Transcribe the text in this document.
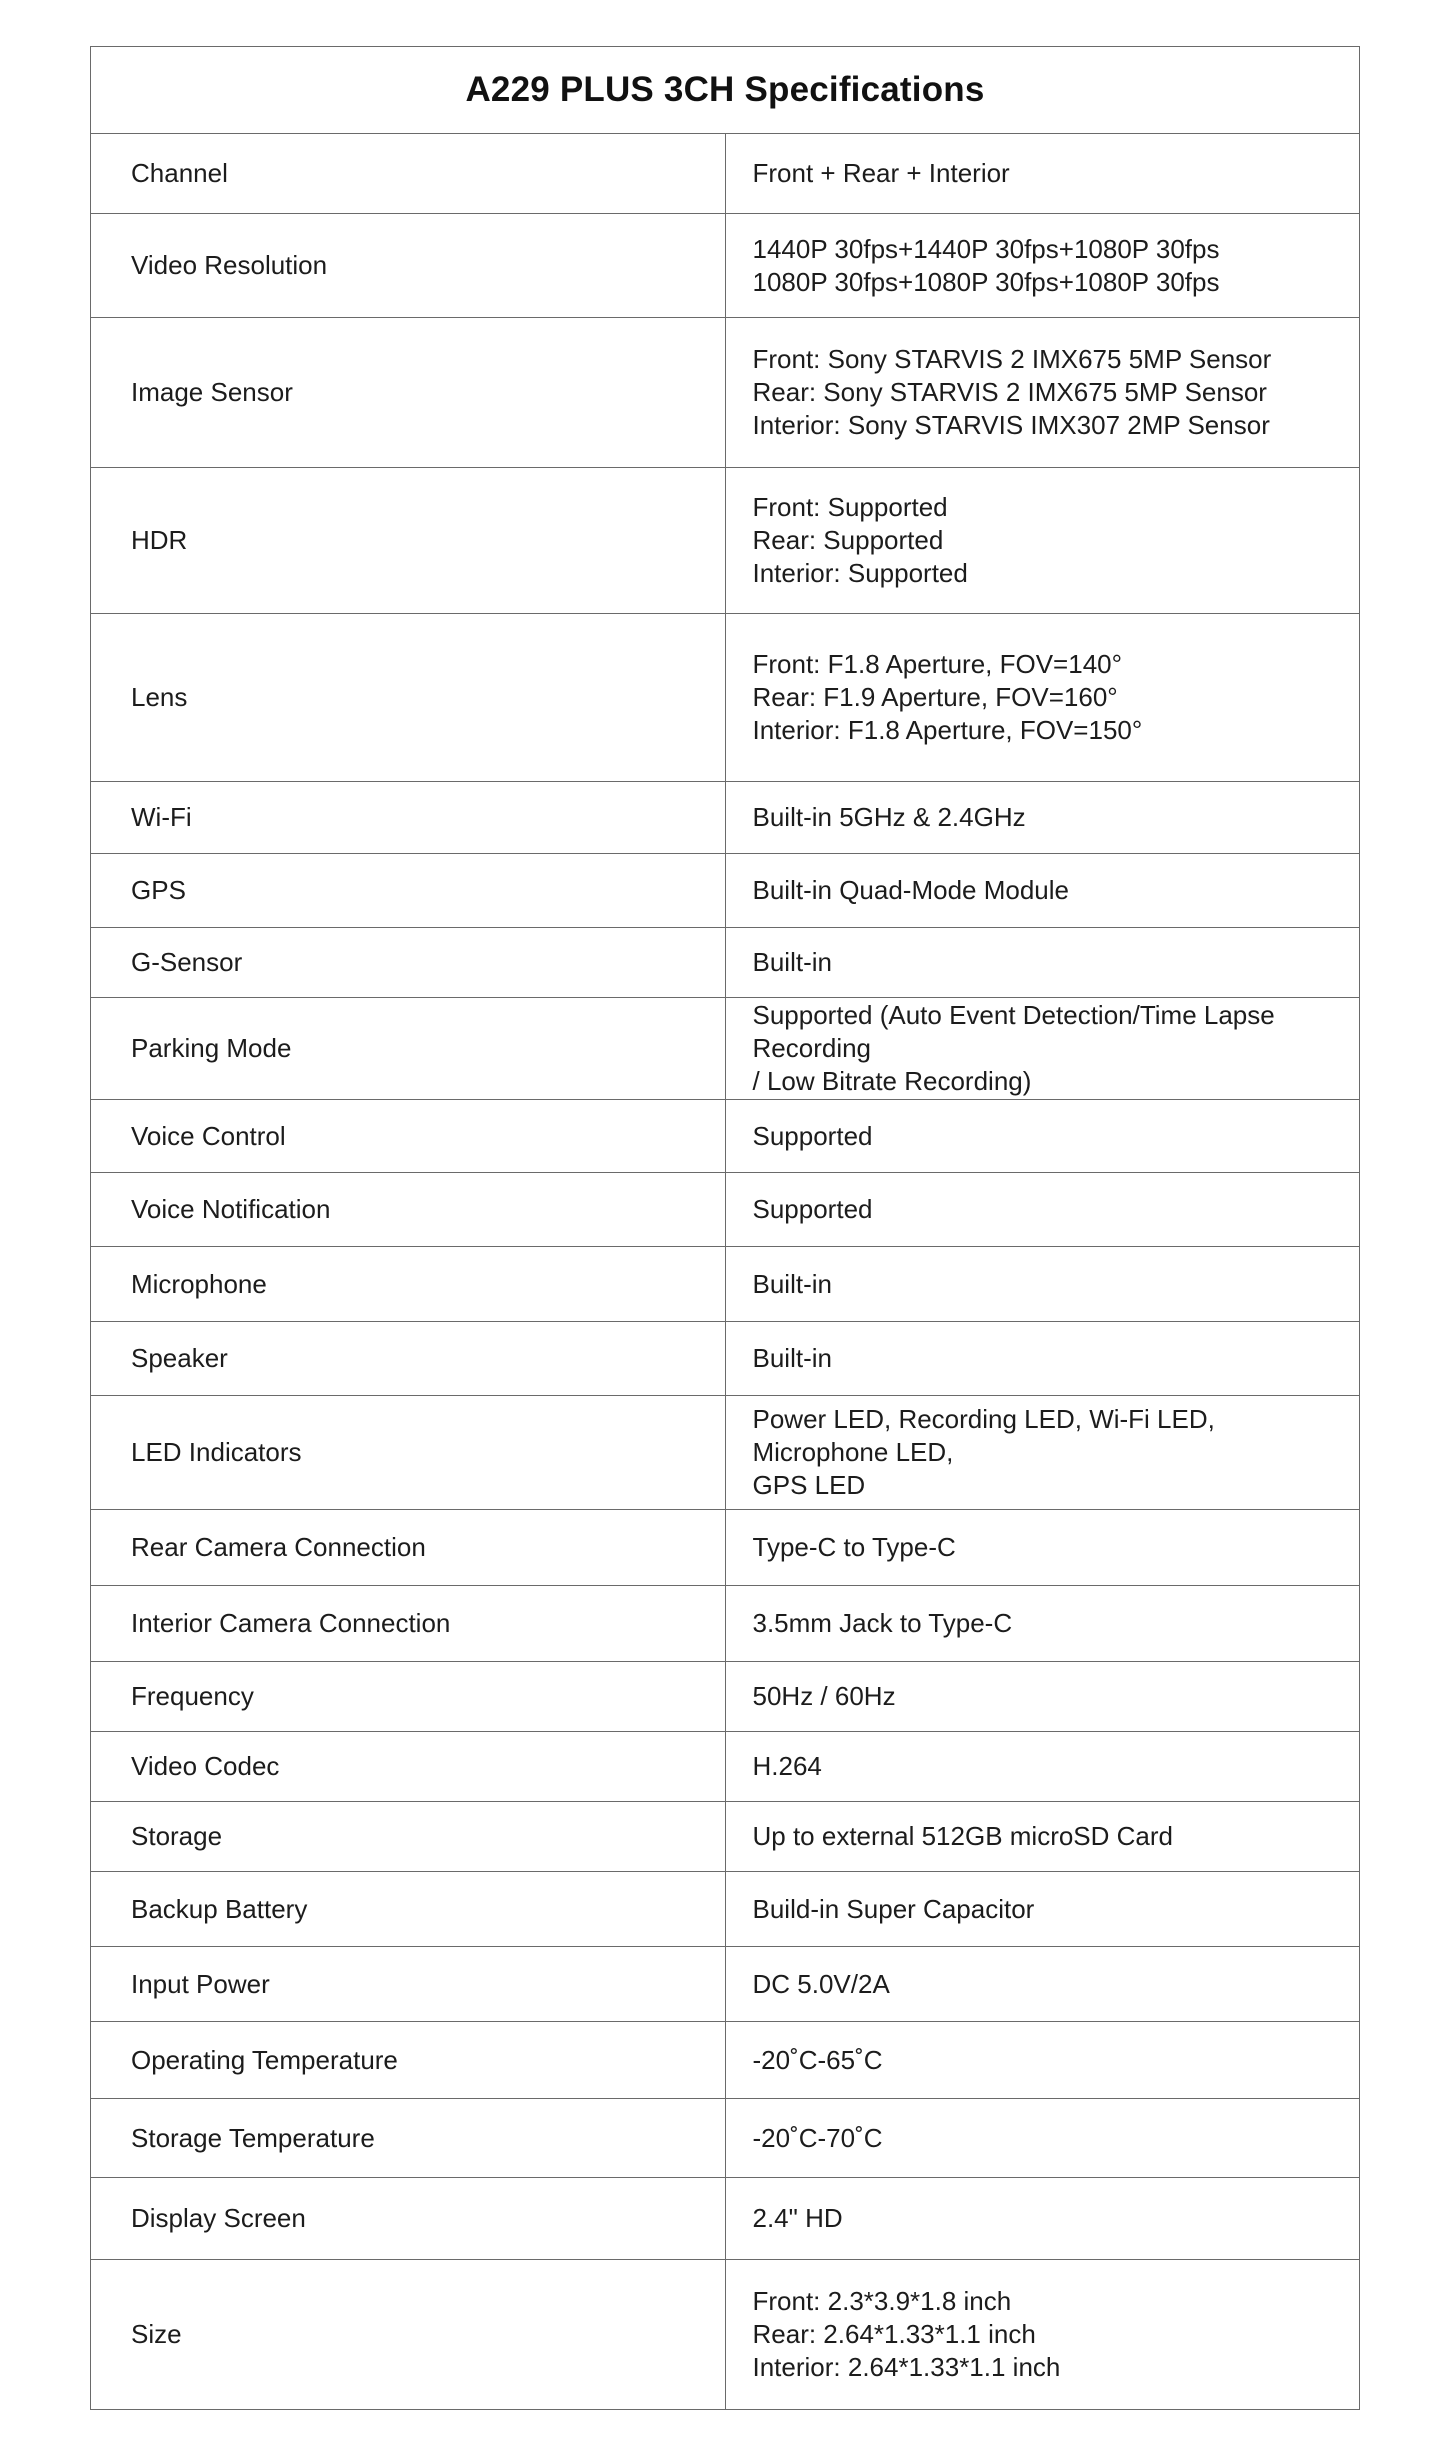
A229 PLUS 3CH Specifications	
Channel	Front + Rear + Interior

Video Resolution	1440P 30fps+1440P 30fps+1080P 30fps
1080P 30fps+1080P 30fps+1080P 30fps

Image Sensor	Front: Sony STARVIS 2 IMX675 5MP Sensor
Rear: Sony STARVIS 2 IMX675 5MP Sensor
Interior: Sony STARVIS IMX307 2MP Sensor

HDR	Front: Supported
Rear: Supported
Interior: Supported

Lens	Front: F1.8 Aperture, FOV=140°
Rear: F1.9 Aperture, FOV=160°
Interior: F1.8 Aperture, FOV=150°

Wi-Fi	Built-in 5GHz & 2.4GHz

GPS	Built-in Quad-Mode Module

G-Sensor	Built-in

Parking Mode	Supported (Auto Event Detection/Time Lapse Recording
/ Low Bitrate Recording)

Voice Control	Supported

Voice Notification	Supported

Microphone	Built-in

Speaker	Built-in

LED Indicators	Power LED, Recording LED, Wi-Fi LED, Microphone LED,
GPS LED

Rear Camera Connection	Type-C to Type-C

Interior Camera Connection	3.5mm Jack to Type-C

Frequency	50Hz / 60Hz

Video Codec	H.264

Storage	Up to external 512GB microSD Card

Backup Battery	Build-in Super Capacitor

Input Power	DC 5.0V/2A

Operating Temperature	-20˚C-65˚C

Storage Temperature	-20˚C-70˚C

Display Screen	2.4" HD

Size	Front: 2.3*3.9*1.8 inch
Rear: 2.64*1.33*1.1 inch
Interior: 2.64*1.33*1.1 inch
